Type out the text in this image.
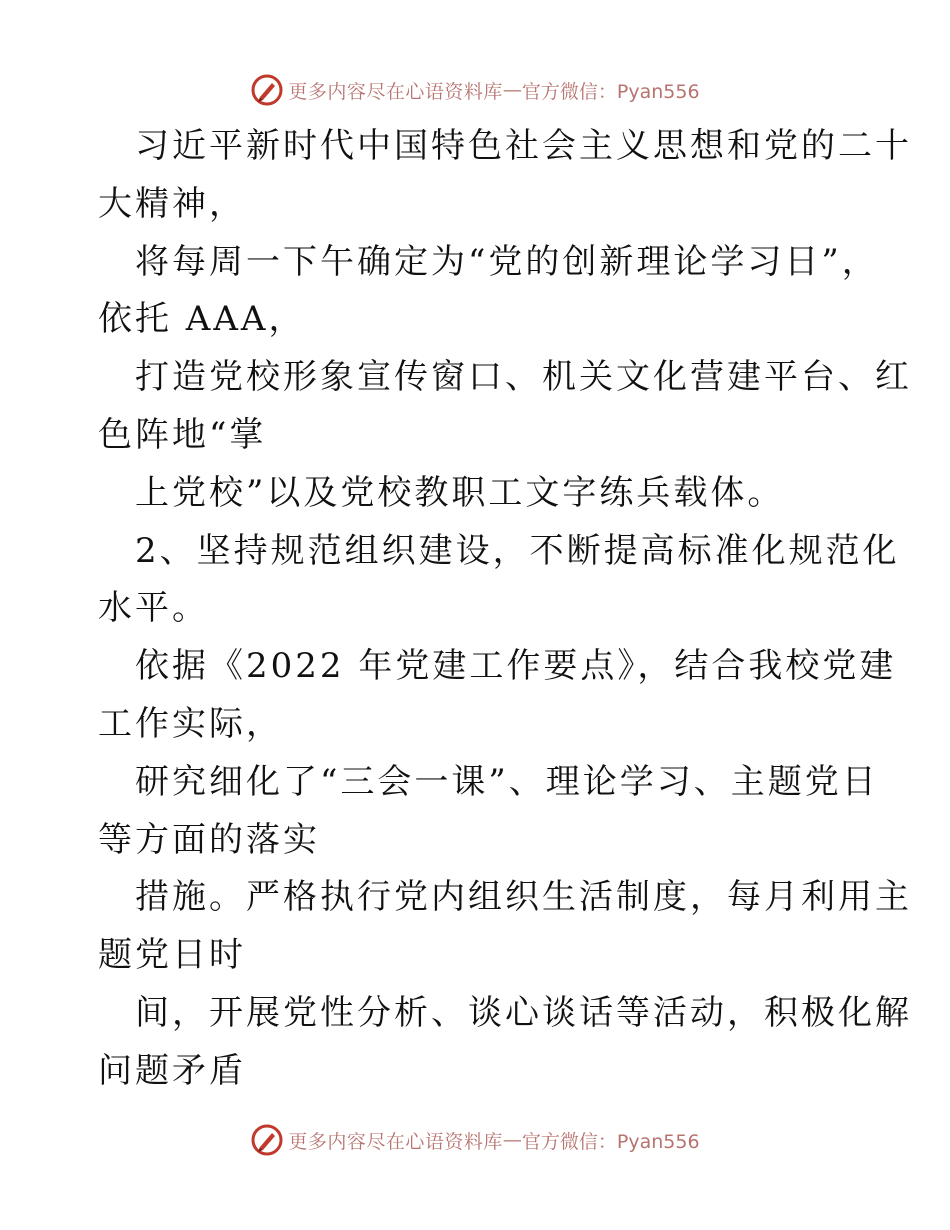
更多内容尽在心语资料库 — 官方微信：Pyan556
习近平新时代中国特色社会主义思想和党的二十
大精神，
将每周一下午确定为“党的创新理论学习日”，
依托 AAA，
打造党校形象宣传窗口、机关文化营建平台、红
色阵地“掌
上党校”以及党校教职工文字练兵载体。
2、坚持规范组织建设，不断提高标准化规范化
水平。
依据《2022 年党建工作要点》，结合我校党建
工作实际，
研究细化了“三会一课”、理论学习、主题党日
等方面的落实
措施。严格执行党内组织生活制度，每月利用主
题党日时
间，开展党性分析、谈心谈话等活动，积极化解
问题矛盾
更多内容尽在心语资料库 — 官方微信：Pyan556
